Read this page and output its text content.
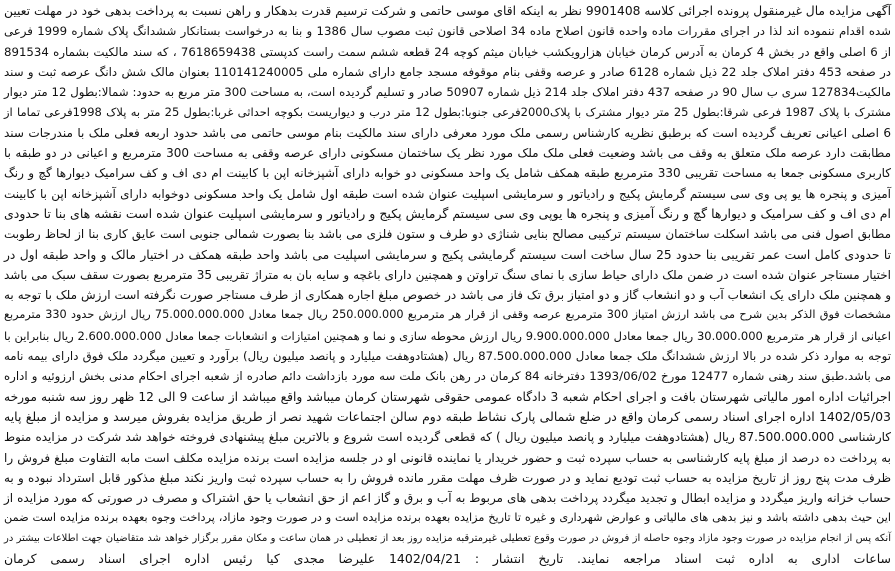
آگهی مزایده مال غیرمنقول پرونده اجرائی کلاسه 9901408 نظر به اینکه اقای موسی حاتمی و شرکت ترسیم قدرت بدهکار و راهن نسبت به پرداخت بدهی خود در مهلت تعیین
شده اقدام ننموده اند لذا در اجرای مقررات ماده واحده قانون اصلاح ماده 34 اصلاحی قانون ثبت مصوب سال 1386 و بنا به درخواست بستانکار ششدانگ پلاک شماره 1999 فرعی
از 6 اصلی واقع در بخش 4 کرمان به آدرس کرمان خیابان هزارویکشب خیابان میثم کوچه 24 قطعه ششم سمت راست کدپستی 7618659438 ، که سند مالکیت بشماره 891534
در صفحه 453 دفتر املاک جلد 22 ذیل شماره 6128 صادر و عرصه وقفی بنام موقوفه مسجد جامع دارای شماره ملی 110141240005 بعنوان مالک شش دانگ عرصه ثبت و سند
مالکیت127834 سری ب سال 90 در صفحه 437 دفتر املاک جلد 214 ذیل شماره 50907 صادر و تسلیم گردیده است، به مساحت 300 متر مربع به حدود: شمالا:بطول 12 متر دیوار
مشترک با پلاک 1987 فرعی شرقا:بطول 25 متر دیوار مشترک با پلاک2000فرعی جنوبا:بطول 12 متر درب و دیواریست بکوچه احداثی غربا:بطول 25 متر به پلاک 1998فرعی تماما از
6 اصلی اعیانی تعریف گردیده است که برطبق نظریه کارشناس رسمی ملک مورد معرفی دارای سند مالکیت بنام موسی حاتمی می باشد حدود اربعه فعلی ملک با مندرجات سند
مطابقت دارد عرصه ملک متعلق به وقف می باشد وضعیت فعلی ملک ملک مورد نظر یک ساختمان مسکونی دارای عرصه وقفی به مساحت 300 مترمربع و اعیانی در دو طبقه با
کاربری مسکونی جمعا به مساحت تقریبی 330 مترمربع طبقه همکف شامل یک واحد مسکونی دو خوابه دارای آشپزخانه اپن با کابینت ام دی اف و کف سرامیک دیوارها گچ و رنگ
آمیزی و پنجره ها یو پی وی سی سیستم گرمایش پکیج و رادیاتور و سرمایشی اسپلیت عنوان شده است طبقه اول شامل یک واحد مسکونی دوخوابه دارای آشپزخانه اپن با کابینت
ام دی اف و کف سرامیک و دیوارها گچ و رنگ آمیزی و پنجره ها یوپی وی سی سیستم گرمایش پکیج و رادیاتور و سرمایشی اسپلیت عنوان شده است نقشه های بنا تا حدودی
مطابق اصول فنی می باشد اسکلت ساختمان سیستم ترکیبی مصالح بنایی شناژی دو طرف و ستون فلزی می باشد بنا بصورت شمالی جنوبی است عایق کاری بنا از لحاظ رطوبت
تا حدودی کامل است عمر تقریبی بنا حدود 25 سال ساخت است سیستم گرمایشی پکیج و سرمایشی اسپلیت می باشد واحد طبقه همکف در اختیار مالک و واحد طبقه اول در
اختیار مستاجر عنوان شده است در ضمن ملک دارای حیاط سازی با نمای سنگ تراوتن و همچنین دارای باغچه و سایه بان به متراژ تقریبی 35 مترمربع بصورت سقف سبک می باشد
و همچنین ملک دارای یک انشعاب آب و دو انشعاب گاز و دو امتیاز برق تک فاز می باشد در خصوص مبلغ اجاره همکاری از طرف مستاجر صورت نگرفته است ارزش ملک با توجه به
مشخصات فوق الذکر بدین شرح می باشد ارزش امتیاز 300 مترمربع عرصه وقفی از قرار هر مترمربع 250.000.000 ریال جمعا معادل 75.000.000.000 ریال ارزش حدود 330 مترمربع
اعیانی از قرار هر مترمربع 30.000.000 ریال جمعا معادل 9.900.000.000 ریال ارزش محوطه سازی و نما و همچنین امتیازات و انشعابات جمعا معادل 2.600.000.000 ریال بنابراین با
توجه به موارد ذکر شده در بالا ارزش ششدانگ ملک جمعا معادل 87.500.000.000 ریال (هشتادوهفت میلیارد و پانصد میلیون ریال) برآورد و تعیین میگردد ملک فوق دارای بیمه نامه
می باشد.طبق سند رهنی شماره 12477 مورخ 1393/06/02 دفترخانه 84 کرمان در رهن بانک ملت سه مورد بازداشت دائم صادره از شعبه اجرای احکام مدنی بخش ارزوئیه و اداره
اجرائیات اداره امور مالیاتی شهرستان بافت و اجرای احکام شعبه 3 دادگاه عمومی حقوقی شهرستان کرمان میباشد واقع میباشد از ساعت 9 الی 12 ظهر روز سه شنبه مورخه
1402/05/03 اداره اجرای اسناد رسمی کرمان واقع در ضلع شمالی پارک نشاط طبقه دوم سالن اجتماعات شهید نصر از طریق مزایده بفروش میرسد و مزایده از مبلغ پایه
کارشناسی 87.500.000.000 ریال (هشتادوهفت میلیارد و پانصد میلیون ریال ) که قطعی گردیده است شروع و بالاترین مبلغ پیشنهادی فروخته خواهد شد شرکت در مزایده منوط
به پرداخت ده درصد از مبلغ پایه کارشناسی به حساب سپرده ثبت و حضور خریدار یا نماینده قانونی او در جلسه مزایده است برنده مزایده مکلف است مابه التفاوت مبلغ فروش را
ظرف مدت پنج روز از تاریخ مزایده به حساب ثبت تودیع نماید و در صورت ظرف مهلت مقرر مانده فروش را به حساب سپرده ثبت واریز نکند مبلغ مذکور قابل استرداد نبوده و به
حساب خزانه واریز میگردد و مزایده ابطال و تجدید میگردد پرداخت بدهی های مربوط به آب و برق و گاز اعم از حق انشعاب یا حق اشتراک و مصرف در صورتی که مورد مزایده از
این حیث بدهی داشته باشد و نیز بدهی های مالیاتی و عوارض شهرداری و غیره تا تاریخ مزایده بعهده برنده مزایده است و در صورت وجود مازاد، پرداخت وجوه بعهده برنده مزایده است ضمن
آنکه پس از انجام مزایده در صورت وجود مازاد وجوه حاصله از فروش در صورت وقوع تعطیلی غیرمترقبه مزایده روز بعد از تعطیلی در همان ساعت و مکان مقرر برگزار خواهد شد متقاضیان جهت اطلاعات بیشتر در
ساعات اداری به اداره ثبت اسناد مراجعه نمایند. تاریخ انتشار : 1402/04/21 علیرضا مجدی کیا رئیس اداره اجرای اسناد رسمی کرمان
